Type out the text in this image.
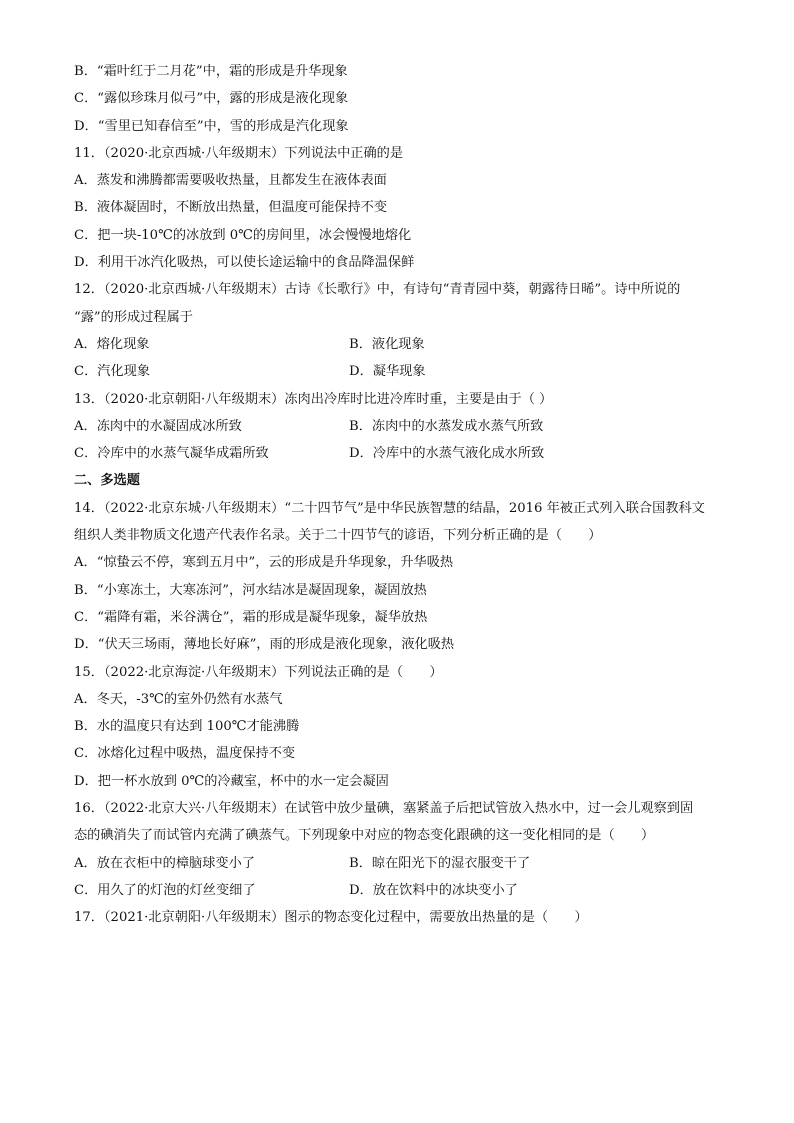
B．“霜叶红于二月花”中，霜的形成是升华现象
C．“露似珍珠月似弓”中，露的形成是液化现象
D．“雪里已知春信至”中，雪的形成是汽化现象
11．（2020·北京西城·八年级期末）下列说法中正确的是
A．蒸发和沸腾都需要吸收热量，且都发生在液体表面
B．液体凝固时，不断放出热量，但温度可能保持不变
C．把一块-10℃的冰放到 0℃的房间里，冰会慢慢地熔化
D．利用干冰汽化吸热，可以使长途运输中的食品降温保鲜
12．（2020·北京西城·八年级期末）古诗《长歌行》中，有诗句“青青园中葵，朝露待日晞”。诗中所说的
“露”的形成过程属于
A．熔化现象	B．液化现象
C．汽化现象	D．凝华现象
13．（2020·北京朝阳·八年级期末）冻肉出冷库时比进冷库时重，主要是由于（ ）
A．冻肉中的水凝固成冰所致	B．冻肉中的水蒸发成水蒸气所致
C．冷库中的水蒸气凝华成霜所致	D．冷库中的水蒸气液化成水所致
二、多选题
14．（2022·北京东城·八年级期末）“二十四节气”是中华民族智慧的结晶，2016 年被正式列入联合国教科文
组织人类非物质文化遗产代表作名录。关于二十四节气的谚语，下列分析正确的是（　　）
A．“惊蛰云不停，寒到五月中”，云的形成是升华现象，升华吸热
B．“小寒冻土，大寒冻河”，河水结冰是凝固现象，凝固放热
C．“霜降有霜，米谷满仓”，霜的形成是凝华现象，凝华放热
D．“伏天三场雨，薄地长好麻”，雨的形成是液化现象，液化吸热
15．（2022·北京海淀·八年级期末）下列说法正确的是（　　）
A．冬天，-3℃的室外仍然有水蒸气
B．水的温度只有达到 100℃才能沸腾
C．冰熔化过程中吸热，温度保持不变
D．把一杯水放到 0℃的冷藏室，杯中的水一定会凝固
16．（2022·北京大兴·八年级期末）在试管中放少量碘，塞紧盖子后把试管放入热水中，过一会儿观察到固
态的碘消失了而试管内充满了碘蒸气。下列现象中对应的物态变化跟碘的这一变化相同的是（　　）
A．放在衣柜中的樟脑球变小了	B．晾在阳光下的湿衣服变干了
C．用久了的灯泡的灯丝变细了	D．放在饮料中的冰块变小了
17．（2021·北京朝阳·八年级期末）图示的物态变化过程中，需要放出热量的是（　　）
